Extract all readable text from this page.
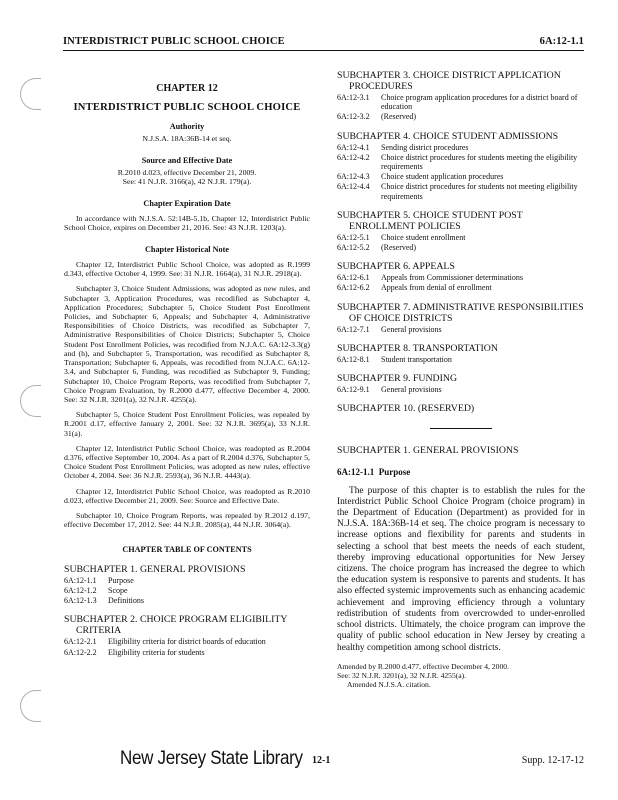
INTERDISTRICT PUBLIC SCHOOL CHOICE	6A:12-1.1
CHAPTER 12
INTERDISTRICT PUBLIC SCHOOL CHOICE
Authority
N.J.S.A. 18A:36B-14 et seq.
Source and Effective Date
R.2010 d.023, effective December 21, 2009.
See: 41 N.J.R. 3166(a), 42 N.J.R. 179(a).
Chapter Expiration Date
In accordance with N.J.S.A. 52:14B-5.1b, Chapter 12, Interdistrict Public School Choice, expires on December 21, 2016. See: 43 N.J.R. 1203(a).
Chapter Historical Note
Chapter 12, Interdistrict Public School Choice, was adopted as R.1999 d.343, effective October 4, 1999. See: 31 N.J.R. 1664(a), 31 N.J.R. 2918(a).
Subchapter 3, Choice Student Admissions, was adopted as new rules, and Subchapter 3, Application Procedures, was recodified as Subchapter 4, Application Procedures; Subchapter 5, Choice Student Post Enrollment Policies, and Subchapter 6, Appeals; and Subchapter 4, Administrative Responsibilities of Choice Districts, was recodified as Subchapter 7, Administrative Responsibilities of Choice Districts; Subchapter 5, Choice Student Post Enrollment Policies, was recodified from N.J.A.C. 6A:12-3.3(g) and (h), and Subchapter 5, Transportation, was recodified as Subchapter 8, Transportation; Subchapter 6, Appeals, was recodified from N.J.A.C. 6A:12-3.4, and Subchapter 6, Funding, was recodified as Subchapter 9, Funding; Subchapter 10, Choice Program Reports, was recodified from Subchapter 7, Choice Program Evaluation, by R.2000 d.477, effective December 4, 2000. See: 32 N.J.R. 3201(a), 32 N.J.R. 4255(a).
Subchapter 5, Choice Student Post Enrollment Policies, was repealed by R.2001 d.17, effective January 2, 2001. See: 32 N.J.R. 3695(a), 33 N.J.R. 31(a).
Chapter 12, Interdistrict Public School Choice, was readopted as R.2004 d.376, effective September 10, 2004. As a part of R.2004 d.376, Subchapter 5, Choice Student Post Enrollment Policies, was adopted as new rules, effective October 4, 2004. See: 36 N.J.R. 2593(a), 36 N.J.R. 4443(a).
Chapter 12, Interdistrict Public School Choice, was readopted as R.2010 d.023, effective December 21, 2009. See: Source and Effective Date.
Subchapter 10, Choice Program Reports, was repealed by R.2012 d.197, effective December 17, 2012. See: 44 N.J.R. 2085(a), 44 N.J.R. 3064(a).
CHAPTER TABLE OF CONTENTS
SUBCHAPTER 1. GENERAL PROVISIONS
6A:12-1.1	Purpose
6A:12-1.2	Scope
6A:12-1.3	Definitions
SUBCHAPTER 2. CHOICE PROGRAM ELIGIBILITY
CRITERIA
6A:12-2.1	Eligibility criteria for district boards of education
6A:12-2.2	Eligibility criteria for students
SUBCHAPTER 3. CHOICE DISTRICT APPLICATION
PROCEDURES
6A:12-3.1	Choice program application procedures for a district board of education
6A:12-3.2	(Reserved)
SUBCHAPTER 4. CHOICE STUDENT ADMISSIONS
6A:12-4.1	Sending district procedures
6A:12-4.2	Choice district procedures for students meeting the eligibility requirements
6A:12-4.3	Choice student application procedures
6A:12-4.4	Choice district procedures for students not meeting eligibility requirements
SUBCHAPTER 5. CHOICE STUDENT POST
ENROLLMENT POLICIES
6A:12-5.1	Choice student enrollment
6A:12-5.2	(Reserved)
SUBCHAPTER 6. APPEALS
6A:12-6.1	Appeals from Commissioner determinations
6A:12-6.2	Appeals from denial of enrollment
SUBCHAPTER 7. ADMINISTRATIVE RESPONSIBILITIES
OF CHOICE DISTRICTS
6A:12-7.1	General provisions
SUBCHAPTER 8. TRANSPORTATION
6A:12-8.1	Student transportation
SUBCHAPTER 9. FUNDING
6A:12-9.1	General provisions
SUBCHAPTER 10. (RESERVED)
SUBCHAPTER 1. GENERAL PROVISIONS
6A:12-1.1 Purpose
The purpose of this chapter is to establish the rules for the Interdistrict Public School Choice Program (choice program) in the Department of Education (Department) as provided for in N.J.S.A. 18A:36B-14 et seq. The choice program is necessary to increase options and flexibility for parents and students in selecting a school that best meets the needs of each student, thereby improving educational opportunities for New Jersey citizens. The choice program has increased the degree to which the education system is responsive to parents and students. It has also effected systemic improvements such as enhancing academic achievement and improving efficiency through a voluntary redistribution of students from overcrowded to under-enrolled school districts. Ultimately, the choice program can improve the quality of public school education in New Jersey by creating a healthy competition among school districts.
Amended by R.2000 d.477, effective December 4, 2000.
See: 32 N.J.R. 3201(a), 32 N.J.R. 4255(a).

Amended N.J.S.A. citation.
New Jersey State Library 12-1	Supp. 12-17-12
